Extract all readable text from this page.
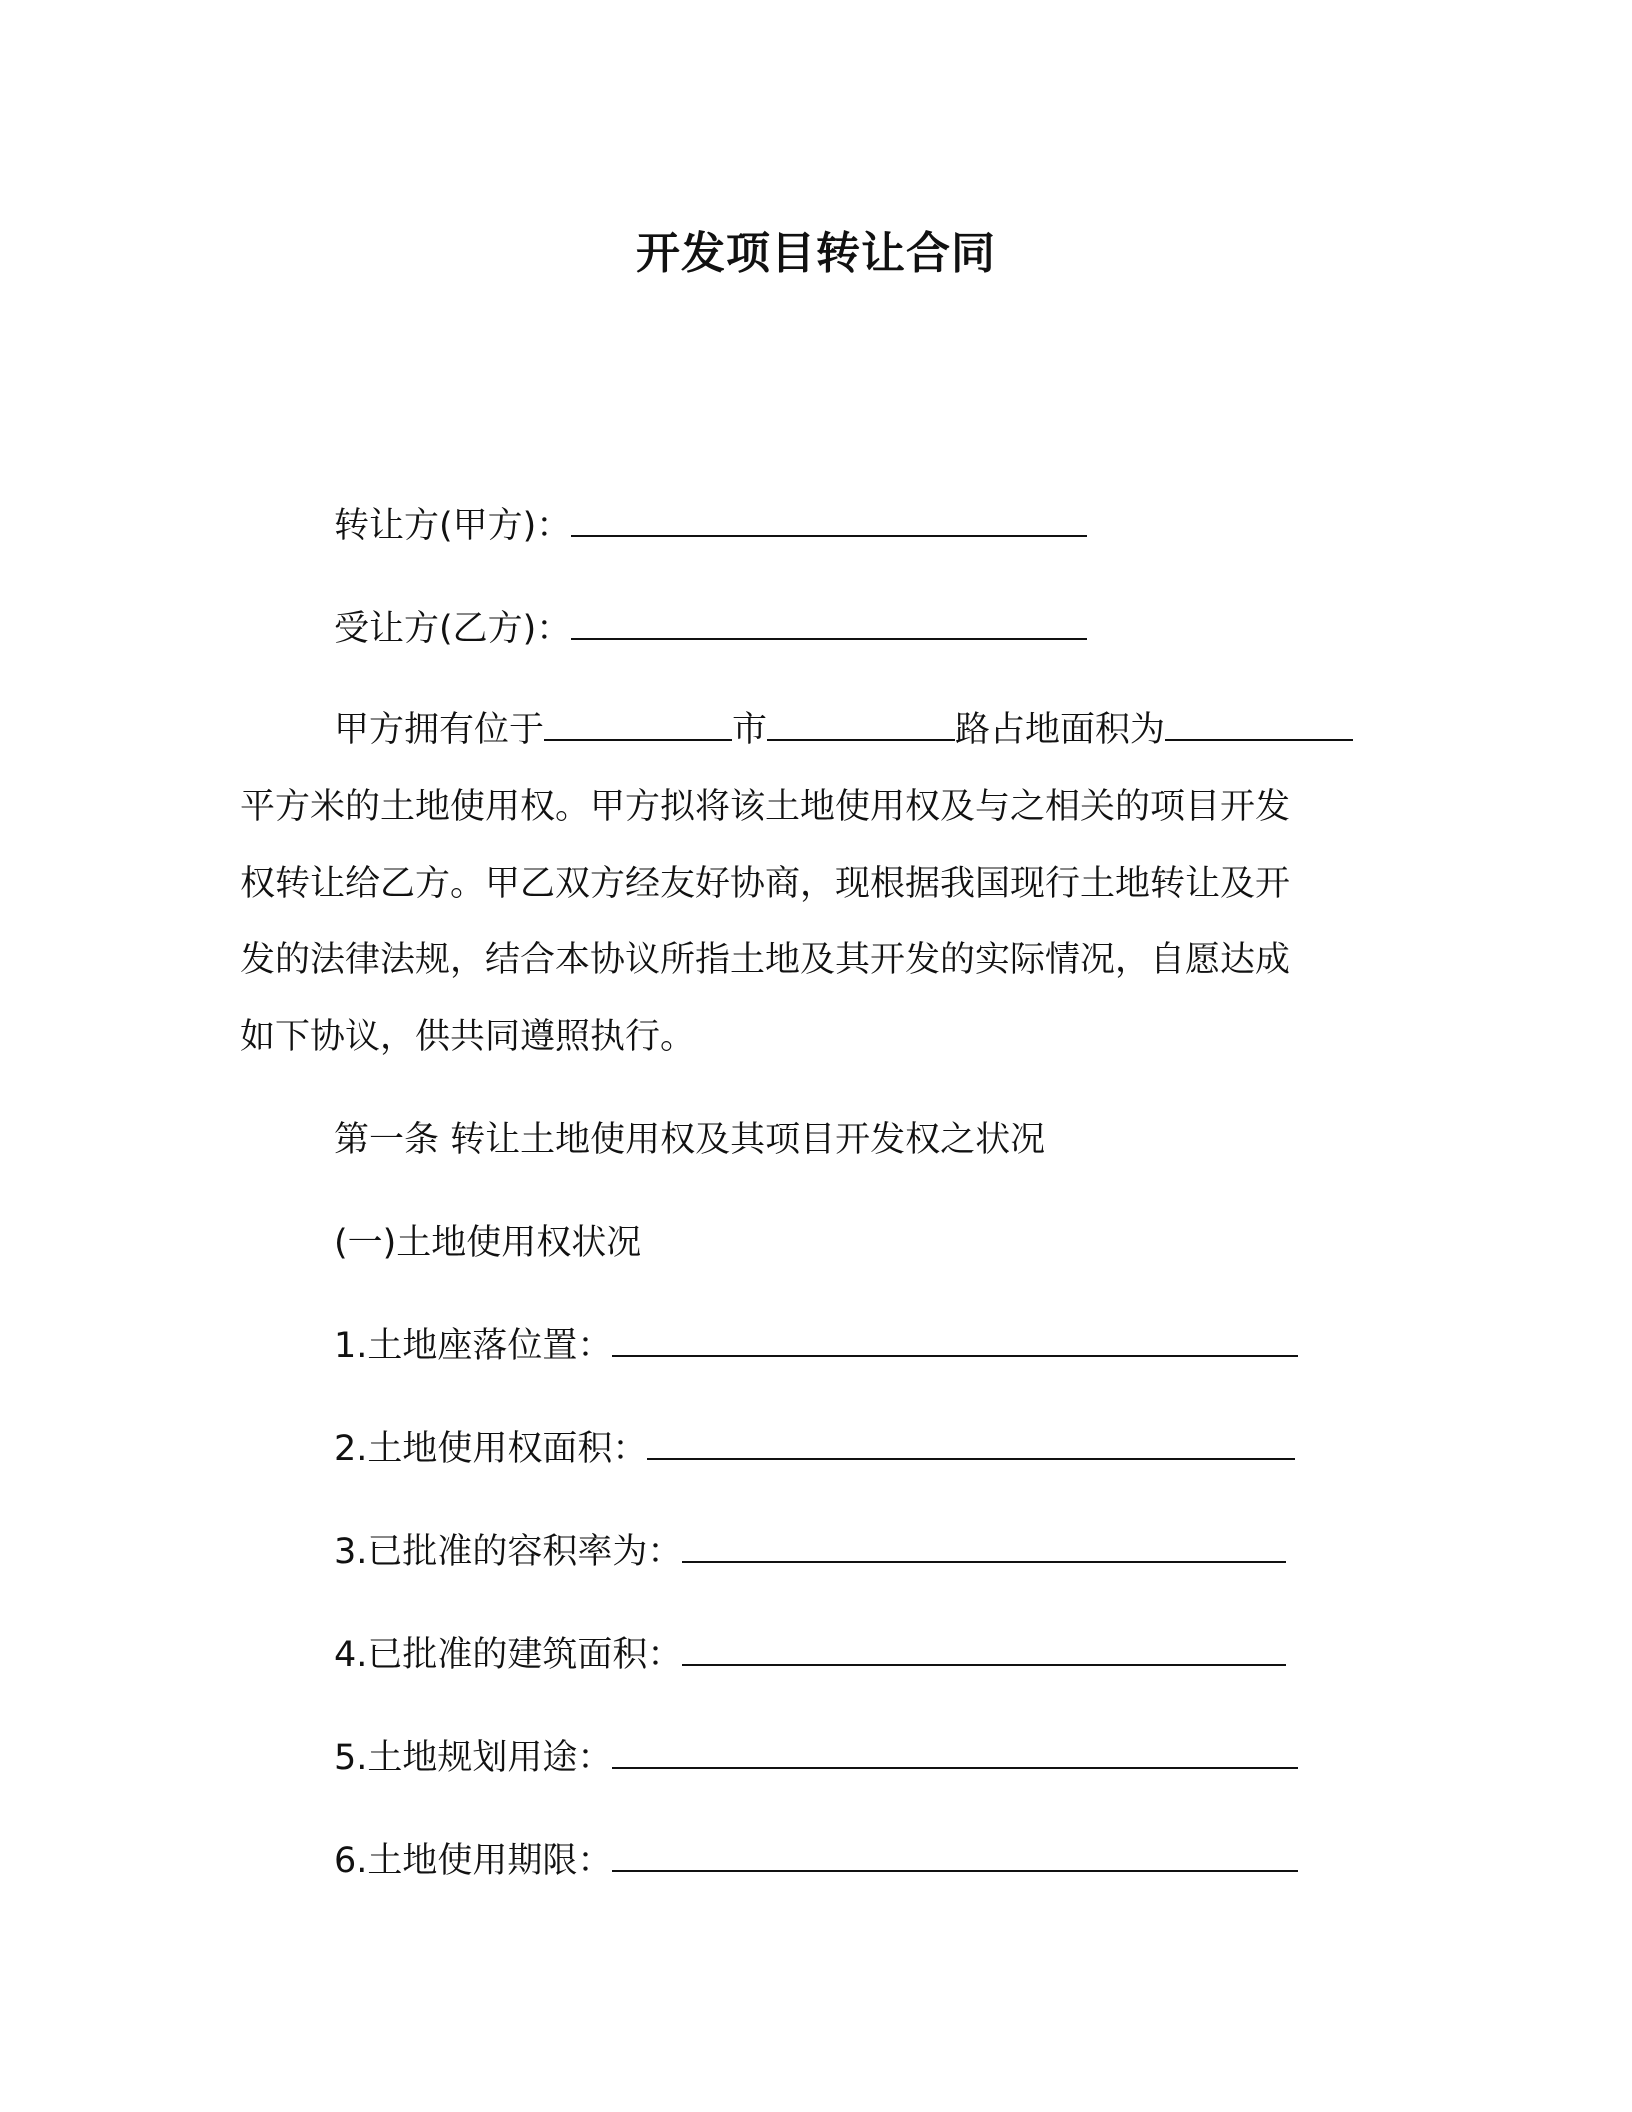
开发项目转让合同
转让方(甲方)：
受让方(乙方)：
甲方拥有位于	市	路占地面积为
平方米的土地使用权。甲方拟将该土地使用权及与之相关的项目开发
权转让给乙方。甲乙双方经友好协商，现根据我国现行土地转让及开
发的法律法规，结合本协议所指土地及其开发的实际情况，自愿达成
如下协议，供共同遵照执行。
第一条 转让土地使用权及其项目开发权之状况
(一)土地使用权状况
1.土地座落位置：
2.土地使用权面积：
3.已批准的容积率为：
4.已批准的建筑面积：
5.土地规划用途：
6.土地使用期限：
